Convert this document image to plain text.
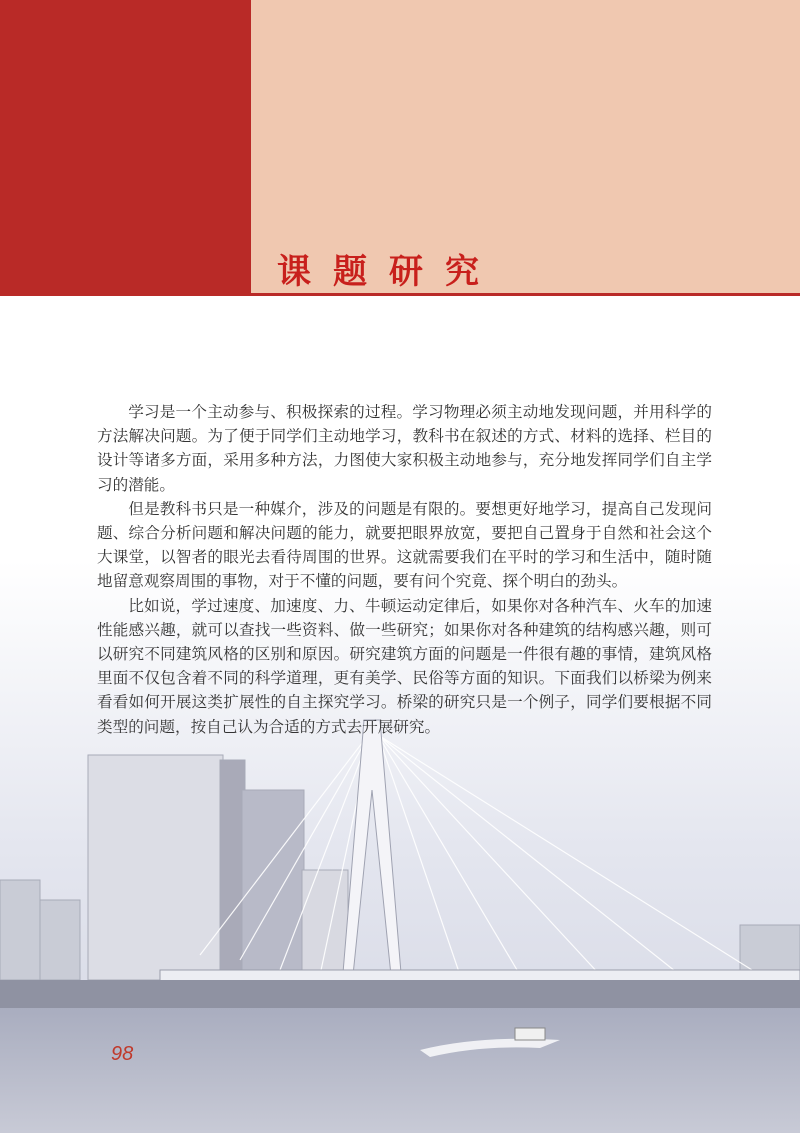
课题研究

学习是一个主动参与、积极探索的过程。学习物理必须主动地发现问题，并用科学的方法解决问题。为了便于同学们主动地学习，教科书在叙述的方式、材料的选择、栏目的设计等诸多方面，采用多种方法，力图使大家积极主动地参与，充分地发挥同学们自主学习的潜能。

但是教科书只是一种媒介，涉及的问题是有限的。要想更好地学习，提高自己发现问题、综合分析问题和解决问题的能力，就要把眼界放宽，要把自己置身于自然和社会这个大课堂，以智者的眼光去看待周围的世界。这就需要我们在平时的学习和生活中，随时随地留意观察周围的事物，对于不懂的问题，要有问个究竟、探个明白的劲头。

比如说，学过速度、加速度、力、牛顿运动定律后，如果你对各种汽车、火车的加速性能感兴趣，就可以查找一些资料、做一些研究；如果你对各种建筑的结构感兴趣，则可以研究不同建筑风格的区别和原因。研究建筑方面的问题是一件很有趣的事情，建筑风格里面不仅包含着不同的科学道理，更有美学、民俗等方面的知识。下面我们以桥梁为例来看看如何开展这类扩展性的自主探究学习。桥梁的研究只是一个例子，同学们要根据不同类型的问题，按自己认为合适的方式去开展研究。

98
